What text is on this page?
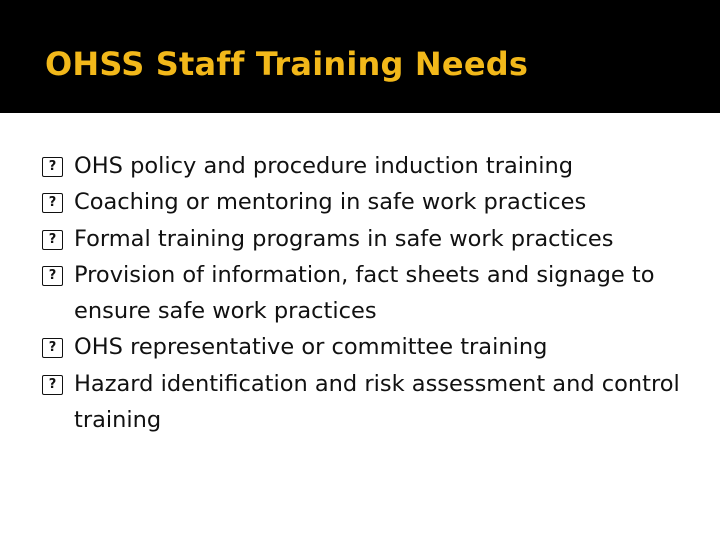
OHSS Staff Training Needs
? OHS policy and procedure induction training
? Coaching or mentoring in safe work practices
? Formal training programs in safe work practices
? Provision of information, fact sheets and signage to ensure safe work practices
? OHS representative or committee training
? Hazard identification and risk assessment and control training
